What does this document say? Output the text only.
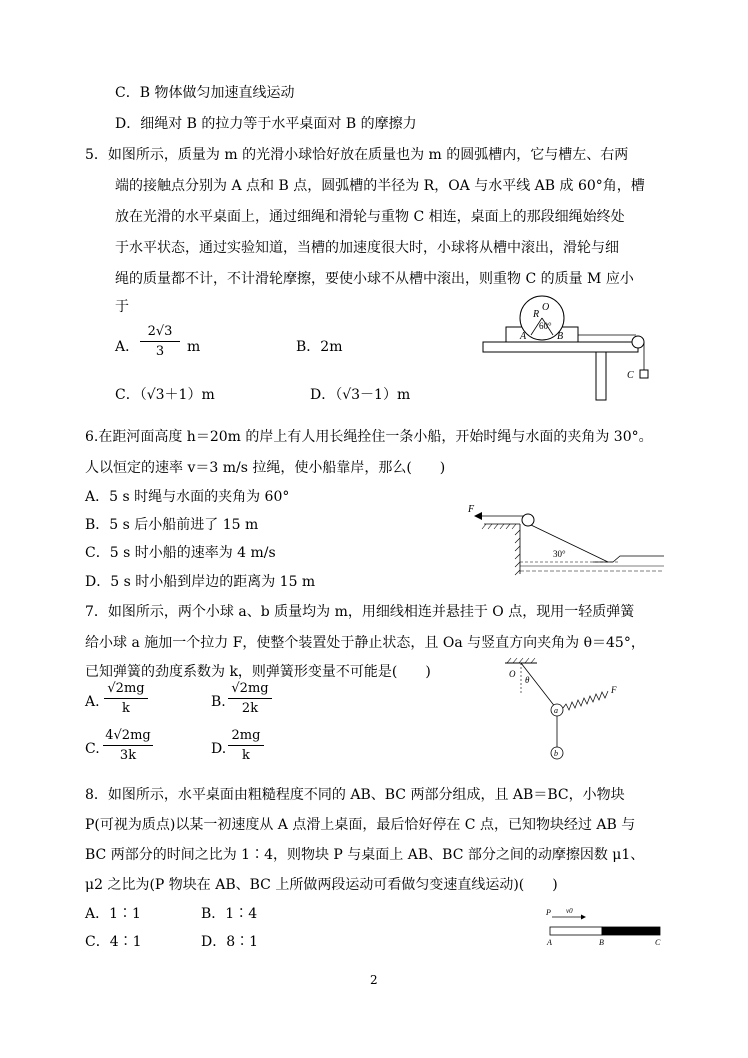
C．B 物体做匀加速直线运动
D．细绳对 B 的拉力等于水平桌面对 B 的摩擦力
5．如图所示，质量为 m 的光滑小球恰好放在质量也为 m 的圆弧槽内，它与槽左、右两
端的接触点分别为 A 点和 B 点，圆弧槽的半径为 R，OA 与水平线 AB 成 60°角，槽
放在光滑的水平桌面上，通过细绳和滑轮与重物 C 相连，桌面上的那段细绳始终处
于水平状态，通过实验知道，当槽的加速度很大时，小球将从槽中滚出，滑轮与细
绳的质量都不计，不计滑轮摩擦，要使小球不从槽中滚出，则重物 C 的质量 M 应小
于
A． $\frac{2√3}{3}$ m	B．2m
C．（√3＋1）m	D．（√3－1）m
R
O
60°
A	B
C
6.在距河面高度 h＝20m 的岸上有人用长绳拴住一条小船，开始时绳与水面的夹角为 30°。
人以恒定的速率 v＝3 m/s 拉绳，使小船靠岸，那么(　　)
A．5 s 时绳与水面的夹角为 60°
B．5 s 后小船前进了 15 m
C．5 s 时小船的速率为 4 m/s
D．5 s 时小船到岸边的距离为 15 m
F
30°
7．如图所示，两个小球 a、b 质量均为 m，用细线相连并悬挂于 O 点，现用一轻质弹簧
给小球 a 施加一个拉力 F，使整个装置处于静止状态，且 Oa 与竖直方向夹角为 θ＝45°，
已知弹簧的劲度系数为 k，则弹簧形变量不可能是(　　)
A. $\frac{√2mg}{k}$	B. $\frac{√2mg}{2k}$
C. $\frac{4√2mg}{3k}$	D. $\frac{2mg}{k}$
O
θ
a
F
b
8．如图所示，水平桌面由粗糙程度不同的 AB、BC 两部分组成，且 AB＝BC，小物块
P(可视为质点)以某一初速度从 A 点滑上桌面，最后恰好停在 C 点，已知物块经过 AB 与
BC 两部分的时间之比为 1∶4，则物块 P 与桌面上 AB、BC 部分之间的动摩擦因数 μ1、
μ2 之比为(P 物块在 AB、BC 上所做两段运动可看做匀变速直线运动)(　　)
A．1∶1	B．1∶4
C．4∶1	D．8∶1
P v0
A	B	C
2
